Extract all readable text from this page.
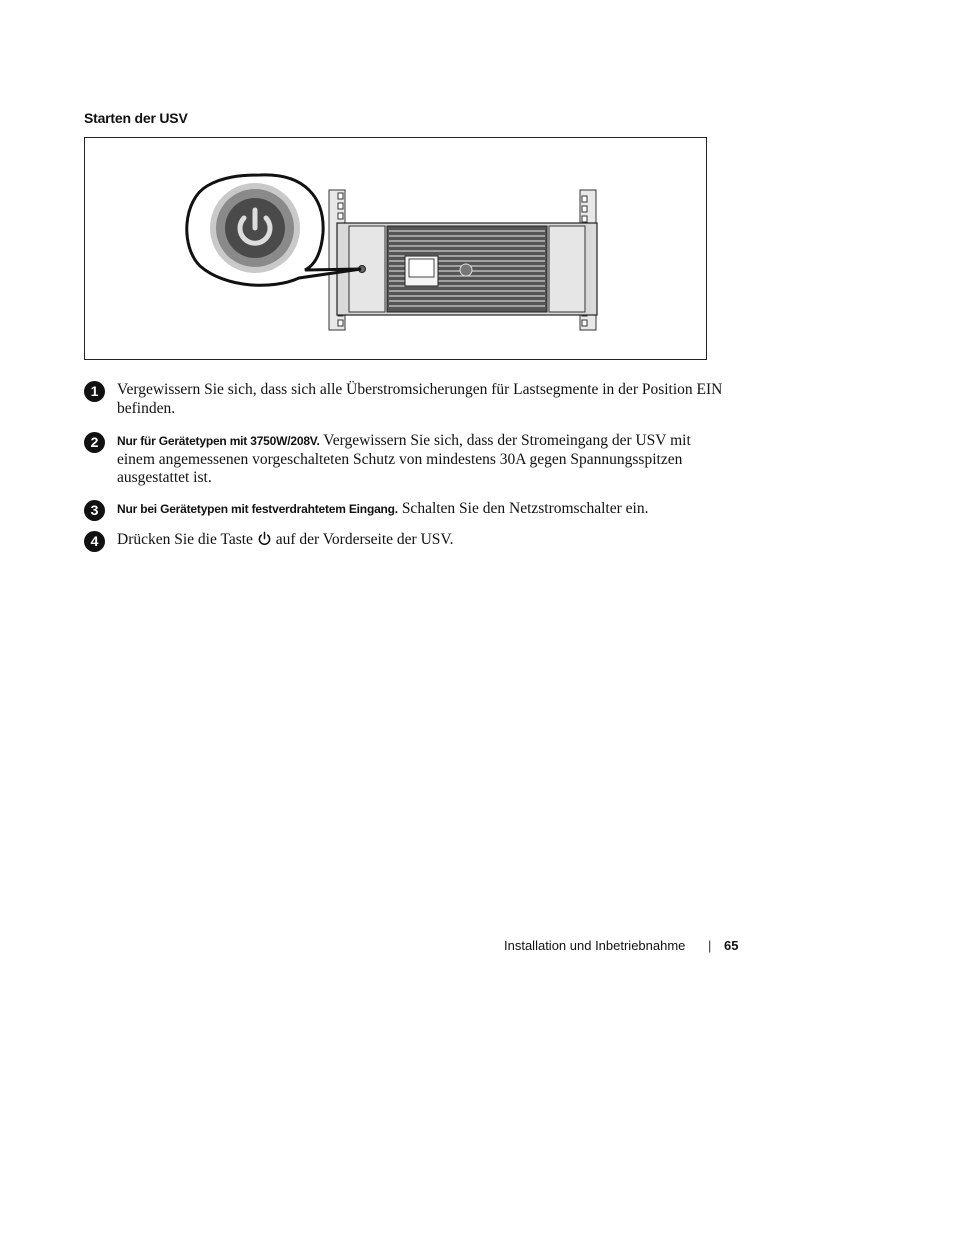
Starten der USV
1	Vergewissern Sie sich, dass sich alle Überstromsicherungen für Lastsegmente in der Position EIN befinden.
2	Nur für Gerätetypen mit 3750W/208V. Vergewissern Sie sich, dass der Stromeingang der USV mit einem angemessenen vorgeschalteten Schutz von mindestens 30A gegen Spannungsspitzen ausgestattet ist.
3	Nur bei Gerätetypen mit festverdrahtetem Eingang. Schalten Sie den Netzstromschalter ein.
4	Drücken Sie die Taste auf der Vorderseite der USV.
Installation und Inbetriebnahme | 65
